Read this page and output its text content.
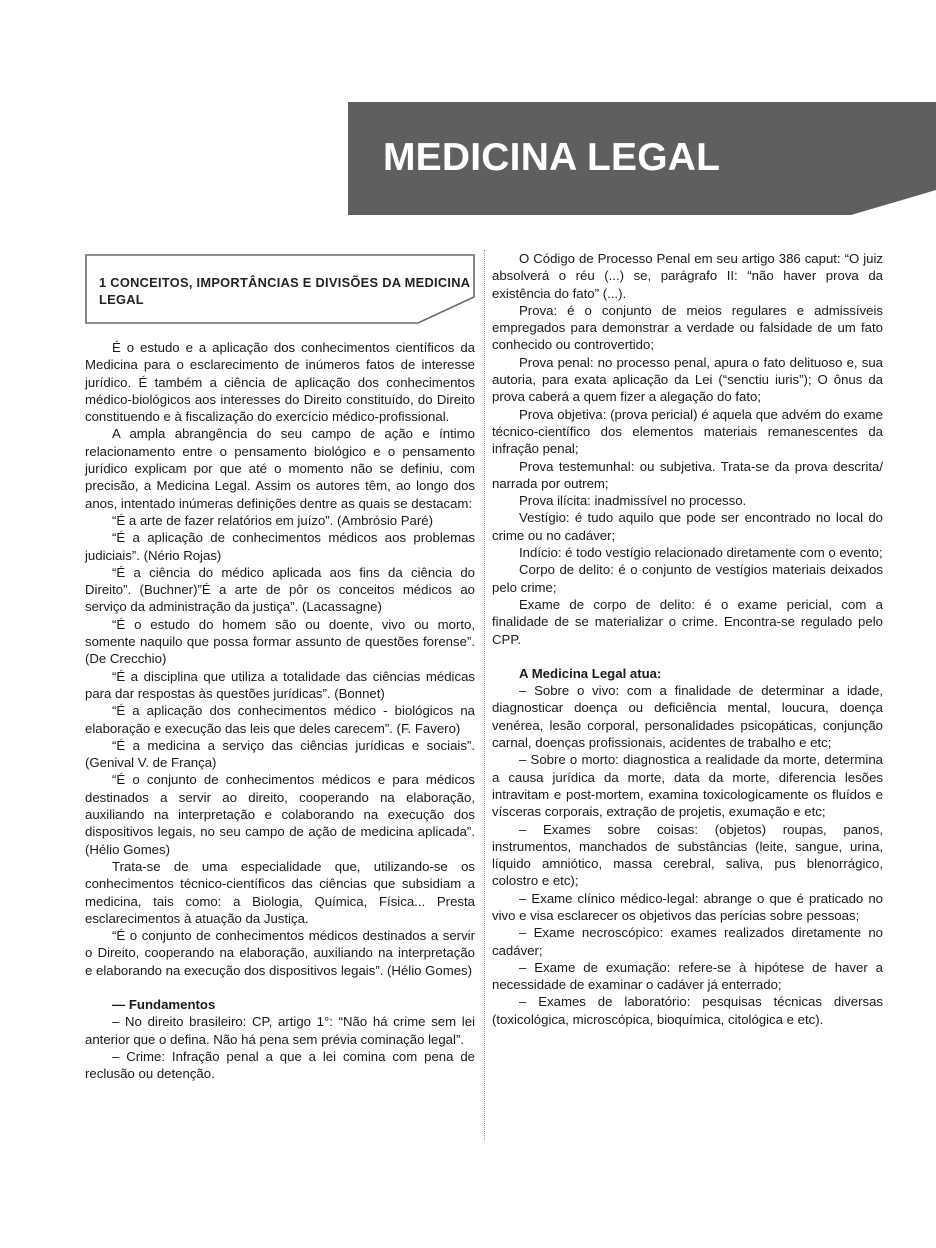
MEDICINA LEGAL
1 CONCEITOS, IMPORTÂNCIAS E DIVISÕES DA MEDICINA LEGAL

É o estudo e a aplicação dos conhecimentos científicos da Medicina para o esclarecimento de inúmeros fatos de interesse jurídico. É também a ciência de aplicação dos conhecimentos médico-biológicos aos interesses do Direito constituído, do Direito constituendo e à fiscalização do exercício médico-profissional.

A ampla abrangência do seu campo de ação e íntimo relacionamento entre o pensamento biológico e o pensamento jurídico explicam por que até o momento não se definiu, com precisão, a Medicina Legal. Assim os autores têm, ao longo dos anos, intentado inúmeras definições dentre as quais se destacam:

“É a arte de fazer relatórios em juízo”. (Ambrósio Paré)

“É a aplicação de conhecimentos médicos aos problemas judiciais”. (Nério Rojas)

“É a ciência do médico aplicada aos fins da ciência do Direito”. (Buchner)”É a arte de pôr os conceitos médicos ao serviço da administração da justiça”. (Lacassagne)

“É o estudo do homem são ou doente, vivo ou morto, somente naquilo que possa formar assunto de questões forense”. (De Crecchio)

“É a disciplina que utiliza a totalidade das ciências médicas para dar respostas às questões jurídicas”. (Bonnet)

“É a aplicação dos conhecimentos médico - biológicos na elaboração e execução das leis que deles carecem”. (F. Favero)

“É a medicina a serviço das ciências jurídicas e sociais”. (Genival V. de França)

“É o conjunto de conhecimentos médicos e para médicos destinados a servir ao direito, cooperando na elaboração, auxiliando na interpretação e colaborando na execução dos dispositivos legais, no seu campo de ação de medicina aplicada”. (Hélio Gomes)

Trata-se de uma especialidade que, utilizando-se os conhecimentos técnico-científicos das ciências que subsidiam a medicina, tais como: a Biologia, Química, Física... Presta esclarecimentos à atuação da Justiça.

“É o conjunto de conhecimentos médicos destinados a servir o Direito, cooperando na elaboração, auxiliando na interpretação e elaborando na execução dos dispositivos legais”. (Hélio Gomes)

— Fundamentos

– No direito brasileiro: CP, artigo 1°: “Não há crime sem lei anterior que o defina. Não há pena sem prévia cominação legal”.

– Crime: Infração penal a que a lei comina com pena de reclusão ou detenção.

O Código de Processo Penal em seu artigo 386 caput: “O juiz absolverá o réu (...) se, parágrafo II: “não haver prova da existência do fato” (...).

Prova: é o conjunto de meios regulares e admissíveis empregados para demonstrar a verdade ou falsidade de um fato conhecido ou controvertido;

Prova penal: no processo penal, apura o fato delituoso e, sua autoria, para exata aplicação da Lei (“senctiu iuris”); O ônus da prova caberá a quem fizer a alegação do fato;

Prova objetiva: (prova pericial) é aquela que advém do exame técnico-científico dos elementos materiais remanescentes da infração penal;

Prova testemunhal: ou subjetiva. Trata-se da prova descrita/ narrada por outrem;

Prova ilícita: inadmissível no processo.

Vestígio: é tudo aquilo que pode ser encontrado no local do crime ou no cadáver;

Indício: é todo vestígio relacionado diretamente com o evento;

Corpo de delito: é o conjunto de vestígios materiais deixados pelo crime;

Exame de corpo de delito: é o exame pericial, com a finalidade de se materializar o crime. Encontra-se regulado pelo CPP.

A Medicina Legal atua:

– Sobre o vivo: com a finalidade de determinar a idade, diagnosticar doença ou deficiência mental, loucura, doença venérea, lesão corporal, personalidades psicopáticas, conjunção carnal, doenças profissionais, acidentes de trabalho e etc;

– Sobre o morto: diagnostica a realidade da morte, determina a causa jurídica da morte, data da morte, diferencia lesões intravitam e post-mortem, examina toxicologicamente os fluídos e vísceras corporais, extração de projetis, exumação e etc;

– Exames sobre coisas: (objetos) roupas, panos, instrumentos, manchados de substâncias (leite, sangue, urina, líquido amniótico, massa cerebral, saliva, pus blenorrágico, colostro e etc);

– Exame clínico médico-legal: abrange o que é praticado no vivo e visa esclarecer os objetivos das perícias sobre pessoas;

– Exame necroscópico: exames realizados diretamente no cadáver;

– Exame de exumação: refere-se à hipótese de haver a necessidade de examinar o cadáver já enterrado;

– Exames de laboratório: pesquisas técnicas diversas (toxicológica, microscópica, bioquímica, citológica e etc).
